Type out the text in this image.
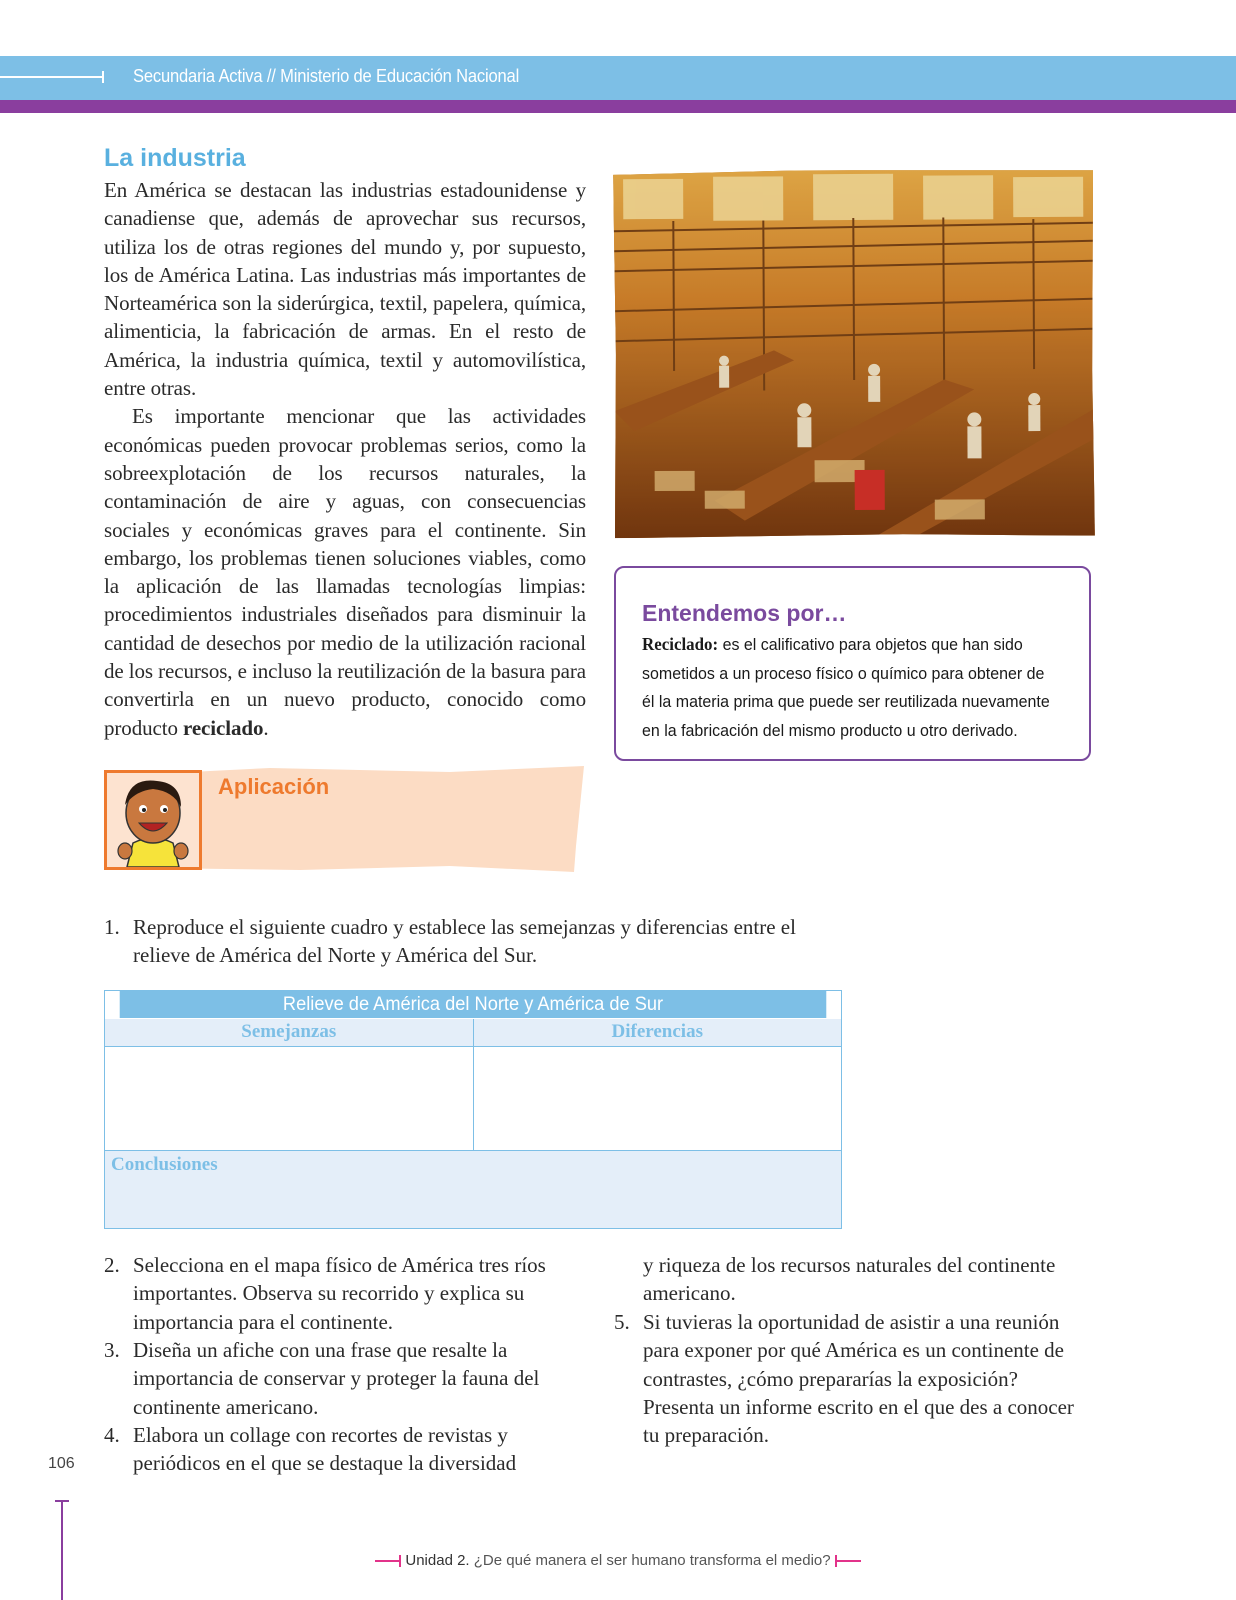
Secundaria Activa // Ministerio de Educación Nacional
La industria

En América se destacan las industrias estadounidense y canadiense que, además de aprovechar sus recursos, utiliza los de otras regiones del mundo y, por supuesto, los de América Latina. Las industrias más importantes de Norteamérica son la siderúrgica, textil, papelera, química, alimenticia, la fabricación de armas. En el resto de América, la industria química, textil y automovilística, entre otras.

Es importante mencionar que las actividades económicas pueden provocar problemas serios, como la sobreexplotación de los recursos naturales, la contaminación de aire y aguas, con consecuencias sociales y económicas graves para el continente. Sin embargo, los problemas tienen soluciones viables, como la aplicación de las llamadas tecnologías limpias: procedimientos industriales diseñados para disminuir la cantidad de desechos por medio de la utilización racional de los recursos, e incluso la reutilización de la basura para convertirla en un nuevo producto, conocido como producto reciclado.

Entendemos por…
Reciclado: es el calificativo para objetos que han sido sometidos a un proceso físico o químico para obtener de él la materia prima que puede ser reutilizada nuevamente en la fabricación del mismo producto u otro derivado.
Aplicación
1. Reproduce el siguiente cuadro y establece las semejanzas y diferencias entre el relieve de América del Norte y América del Sur.
Relieve de América del Norte y América de Sur
Semejanzas	Diferencias
Conclusiones
2. Selecciona en el mapa físico de América tres ríos importantes. Observa su recorrido y explica su importancia para el continente.
3. Diseña un afiche con una frase que resalte la importancia de conservar y proteger la fauna del continente americano.
4. Elabora un collage con recortes de revistas y periódicos en el que se destaque la diversidad
y riqueza de los recursos naturales del continente americano.
5. Si tuvieras la oportunidad de asistir a una reunión para exponer por qué América es un continente de contrastes, ¿cómo prepararías la exposición? Presenta un informe escrito en el que des a conocer tu preparación.
106
Unidad 2. ¿De qué manera el ser humano transforma el medio?
